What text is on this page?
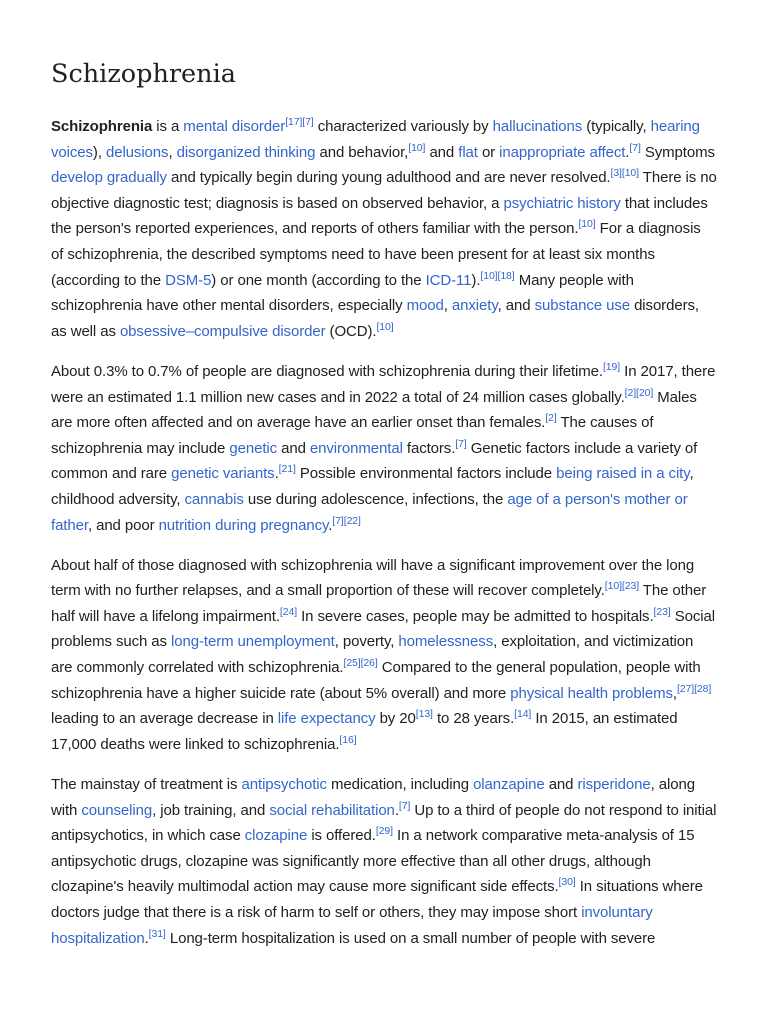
Schizophrenia

Schizophrenia is a mental disorder[17][7] characterized variously by hallucinations (typically, hearing voices), delusions, disorganized thinking and behavior,[10] and flat or inappropriate affect.[7] Symptoms develop gradually and typically begin during young adulthood and are never resolved.[3][10] There is no objective diagnostic test; diagnosis is based on observed behavior, a psychiatric history that includes the person's reported experiences, and reports of others familiar with the person.[10] For a diagnosis of schizophrenia, the described symptoms need to have been present for at least six months (according to the DSM-5) or one month (according to the ICD-11).[10][18] Many people with schizophrenia have other mental disorders, especially mood, anxiety, and substance use disorders, as well as obsessive–compulsive disorder (OCD).[10]

About 0.3% to 0.7% of people are diagnosed with schizophrenia during their lifetime.[19] In 2017, there were an estimated 1.1 million new cases and in 2022 a total of 24 million cases globally.[2][20] Males are more often affected and on average have an earlier onset than females.[2] The causes of schizophrenia may include genetic and environmental factors.[7] Genetic factors include a variety of common and rare genetic variants.[21] Possible environmental factors include being raised in a city, childhood adversity, cannabis use during adolescence, infections, the age of a person's mother or father, and poor nutrition during pregnancy.[7][22]

About half of those diagnosed with schizophrenia will have a significant improvement over the long term with no further relapses, and a small proportion of these will recover completely.[10][23] The other half will have a lifelong impairment.[24] In severe cases, people may be admitted to hospitals.[23] Social problems such as long-term unemployment, poverty, homelessness, exploitation, and victimization are commonly correlated with schizophrenia.[25][26] Compared to the general population, people with schizophrenia have a higher suicide rate (about 5% overall) and more physical health problems,[27][28] leading to an average decrease in life expectancy by 20[13] to 28 years.[14] In 2015, an estimated 17,000 deaths were linked to schizophrenia.[16]

The mainstay of treatment is antipsychotic medication, including olanzapine and risperidone, along with counseling, job training, and social rehabilitation.[7] Up to a third of people do not respond to initial antipsychotics, in which case clozapine is offered.[29] In a network comparative meta-analysis of 15 antipsychotic drugs, clozapine was significantly more effective than all other drugs, although clozapine's heavily multimodal action may cause more significant side effects.[30] In situations where doctors judge that there is a risk of harm to self or others, they may impose short involuntary hospitalization.[31] Long-term hospitalization is used on a small number of people with severe
